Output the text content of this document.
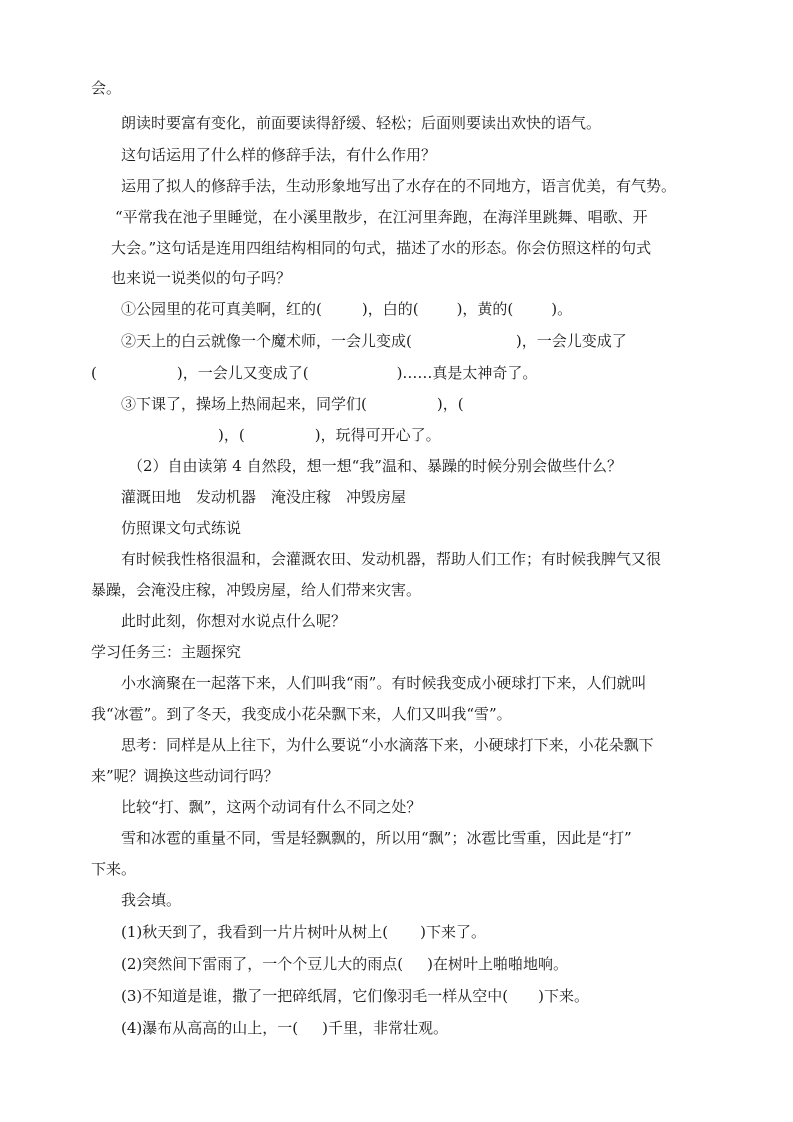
会。
朗读时要富有变化，前面要读得舒缓、轻松；后面则要读出欢快的语气。
这句话运用了什么样的修辞手法，有什么作用？
运用了拟人的修辞手法，生动形象地写出了水存在的不同地方，语言优美，有气势。
“平常我在池子里睡觉，在小溪里散步，在江河里奔跑，在海洋里跳舞、唱歌、开
大会。”这句话是连用四组结构相同的句式，描述了水的形态。你会仿照这样的句式
也来说一说类似的句子吗？
①公园里的花可真美啊，红的(	)，白的(	)，黄的(	)。
②天上的白云就像一个魔术师，一会儿变成(	)，一会儿变成了
(	)，一会儿又变成了(	)……真是太神奇了。
③下课了，操场上热闹起来，同学们(	)，(
)，(	)，玩得可开心了。
（2）自由读第 4 自然段，想一想“我”温和、暴躁的时候分别会做些什么？
灌溉田地　发动机器　淹没庄稼　冲毁房屋
仿照课文句式练说
有时候我性格很温和，会灌溉农田、发动机器，帮助人们工作；有时候我脾气又很
暴躁，会淹没庄稼，冲毁房屋，给人们带来灾害。
此时此刻，你想对水说点什么呢？
学习任务三：主题探究
小水滴聚在一起落下来，人们叫我“雨”。有时候我变成小硬球打下来，人们就叫
我“冰雹”。到了冬天，我变成小花朵飘下来，人们又叫我“雪”。
思考：同样是从上往下，为什么要说“小水滴落下来，小硬球打下来，小花朵飘下
来”呢？调换这些动词行吗？
比较“打、飘”，这两个动词有什么不同之处？
雪和冰雹的重量不同，雪是轻飘飘的，所以用“飘”；冰雹比雪重，因此是“打”
下来。
我会填。
(1)秋天到了，我看到一片片树叶从树上( )下来了。
(2)突然间下雷雨了，一个个豆儿大的雨点( )在树叶上啪啪地响。
(3)不知道是谁，撒了一把碎纸屑，它们像羽毛一样从空中( )下来。
(4)瀑布从高高的山上，一( )千里，非常壮观。
